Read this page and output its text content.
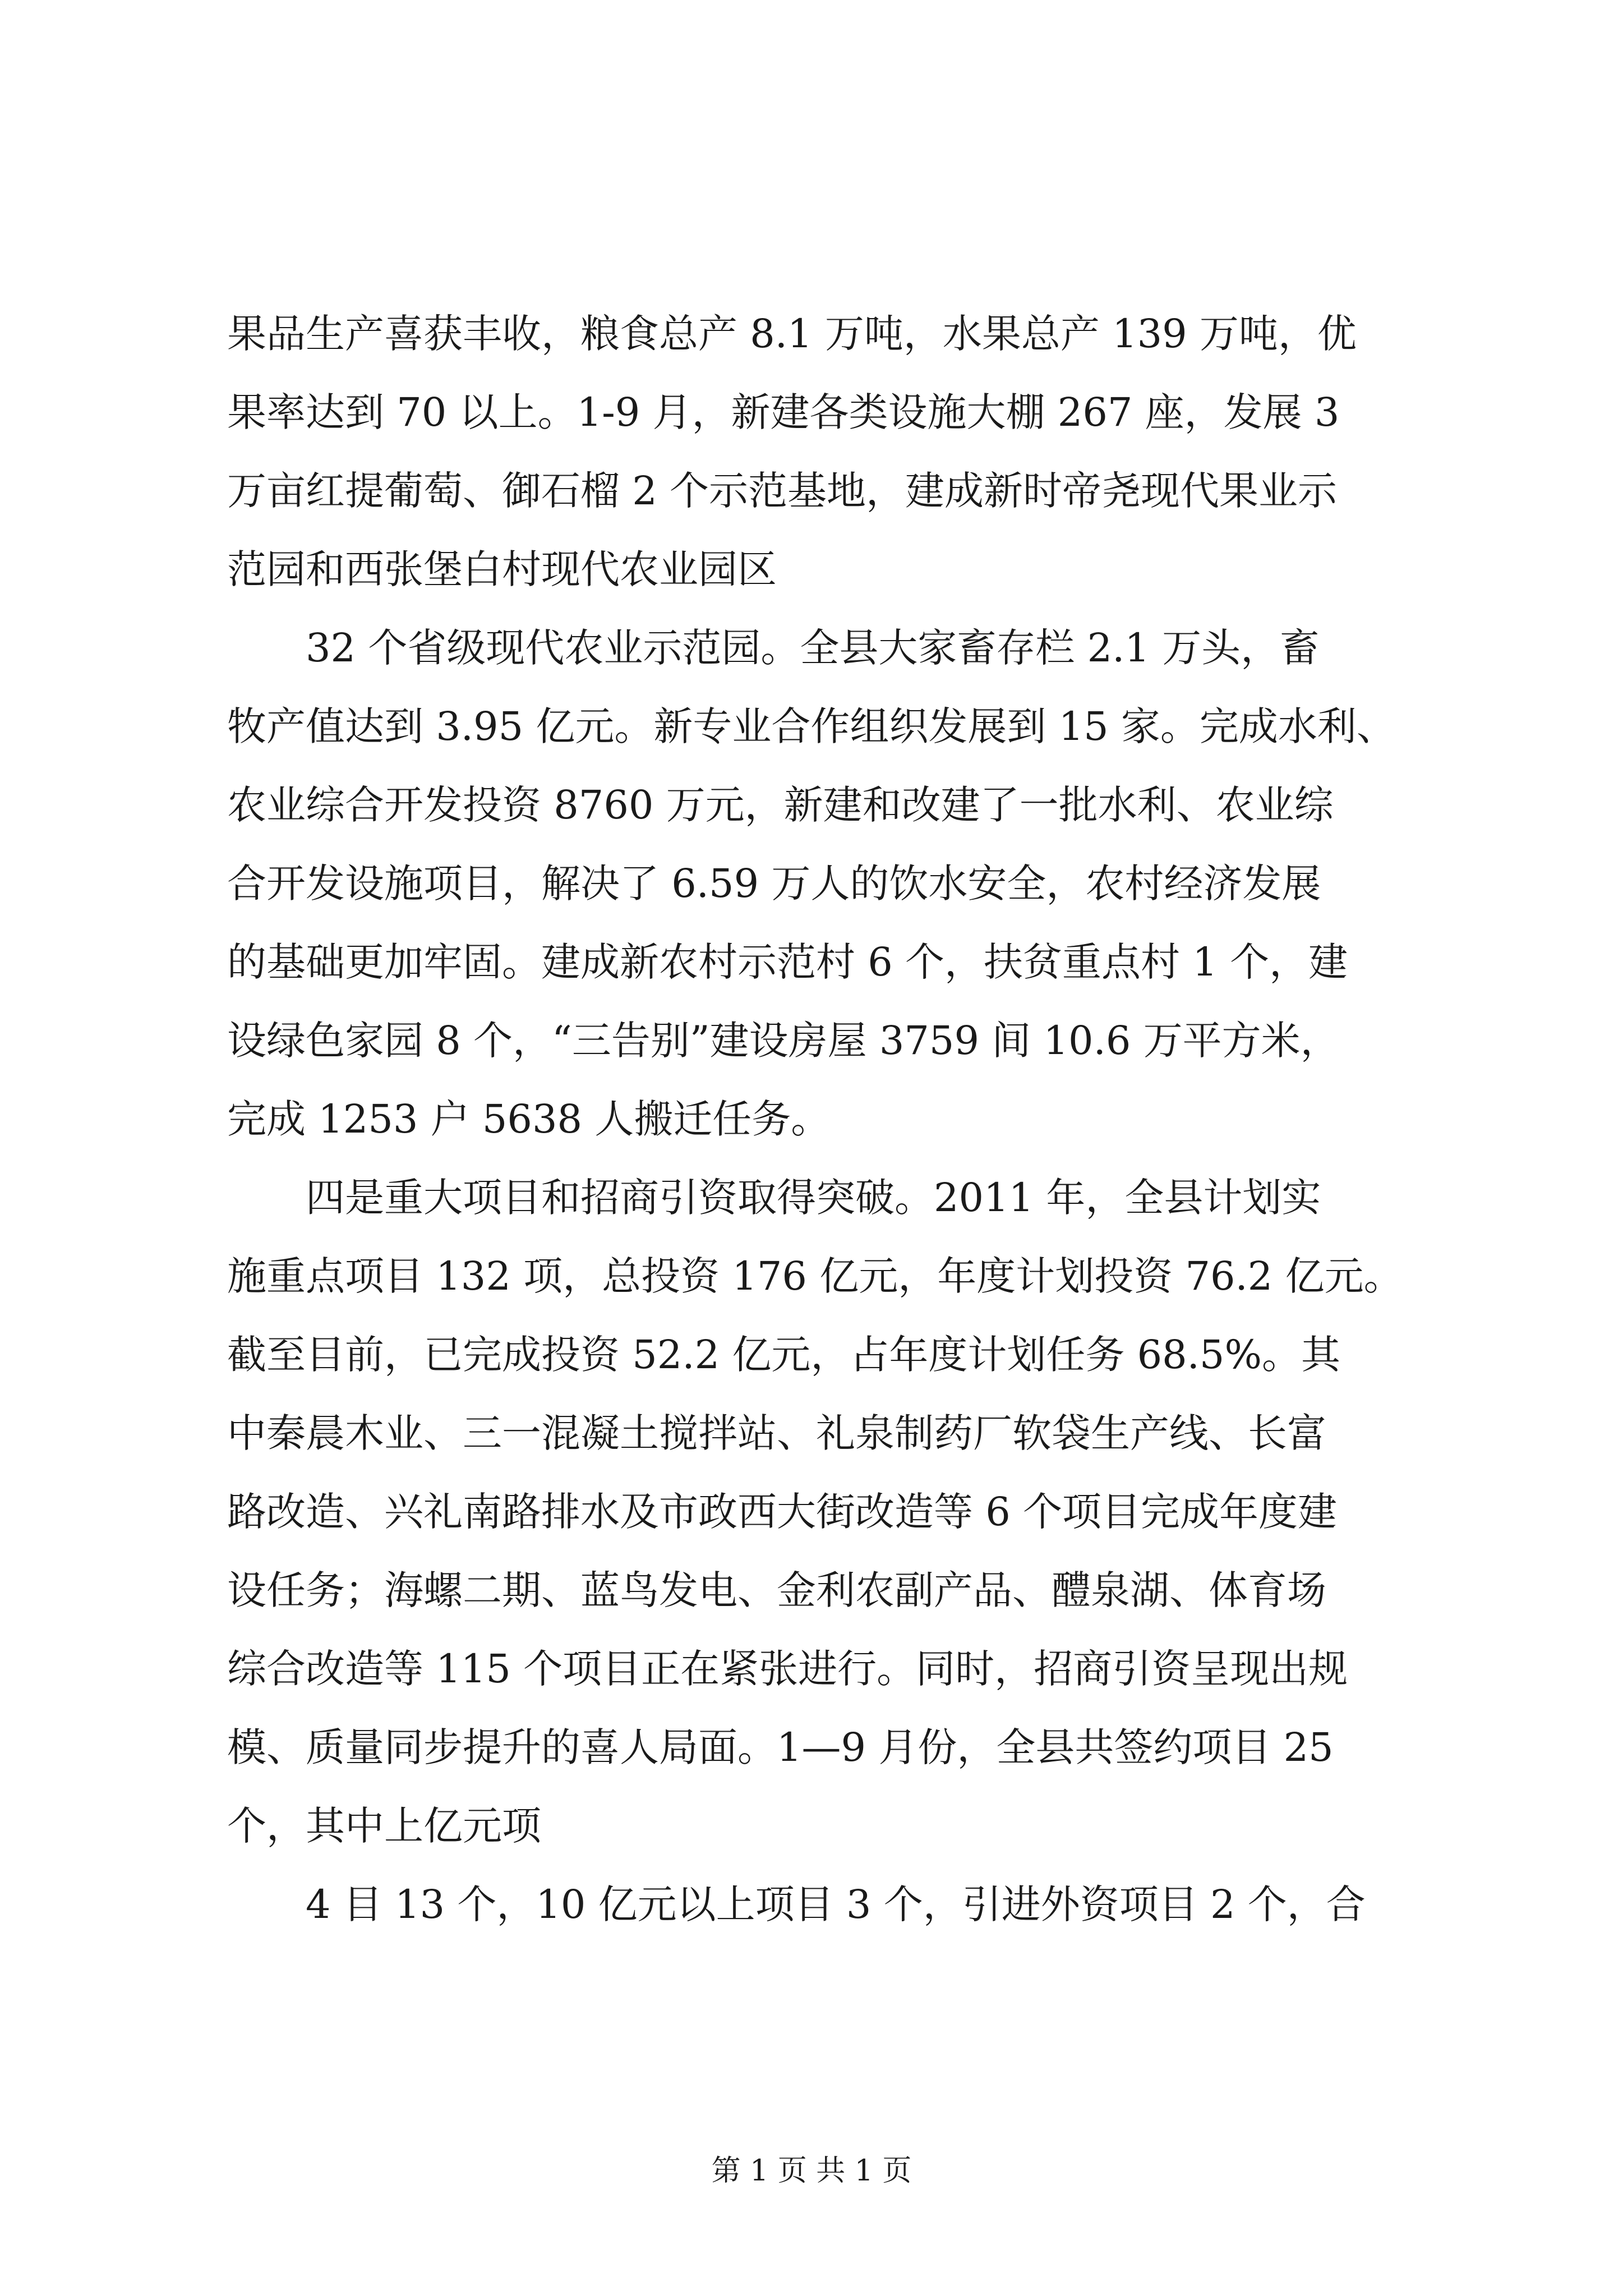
果品生产喜获丰收，粮食总产 8.1 万吨，水果总产 139 万吨，优
果率达到 70 以上。1-9 月，新建各类设施大棚 267 座，发展 3
万亩红提葡萄、御石榴 2 个示范基地，建成新时帝尧现代果业示
范园和西张堡白村现代农业园区
32 个省级现代农业示范园。全县大家畜存栏 2.1 万头，畜
牧产值达到 3.95 亿元。新专业合作组织发展到 15 家。完成水利、
农业综合开发投资 8760 万元，新建和改建了一批水利、农业综
合开发设施项目，解决了 6.59 万人的饮水安全，农村经济发展
的基础更加牢固。建成新农村示范村 6 个，扶贫重点村 1 个，建
设绿色家园 8 个，“三告别”建设房屋 3759 间 10.6 万平方米，
完成 1253 户 5638 人搬迁任务。
四是重大项目和招商引资取得突破。2011 年，全县计划实
施重点项目 132 项，总投资 176 亿元，年度计划投资 76.2 亿元。
截至目前，已完成投资 52.2 亿元，占年度计划任务 68.5%。其
中秦晨木业、三一混凝土搅拌站、礼泉制药厂软袋生产线、长富
路改造、兴礼南路排水及市政西大街改造等 6 个项目完成年度建
设任务；海螺二期、蓝鸟发电、金利农副产品、醴泉湖、体育场
综合改造等 115 个项目正在紧张进行。同时，招商引资呈现出规
模、质量同步提升的喜人局面。1—9 月份，全县共签约项目 25
个，其中上亿元项
4 目 13 个，10 亿元以上项目 3 个，引进外资项目 2 个，合
第 1 页 共 1 页
